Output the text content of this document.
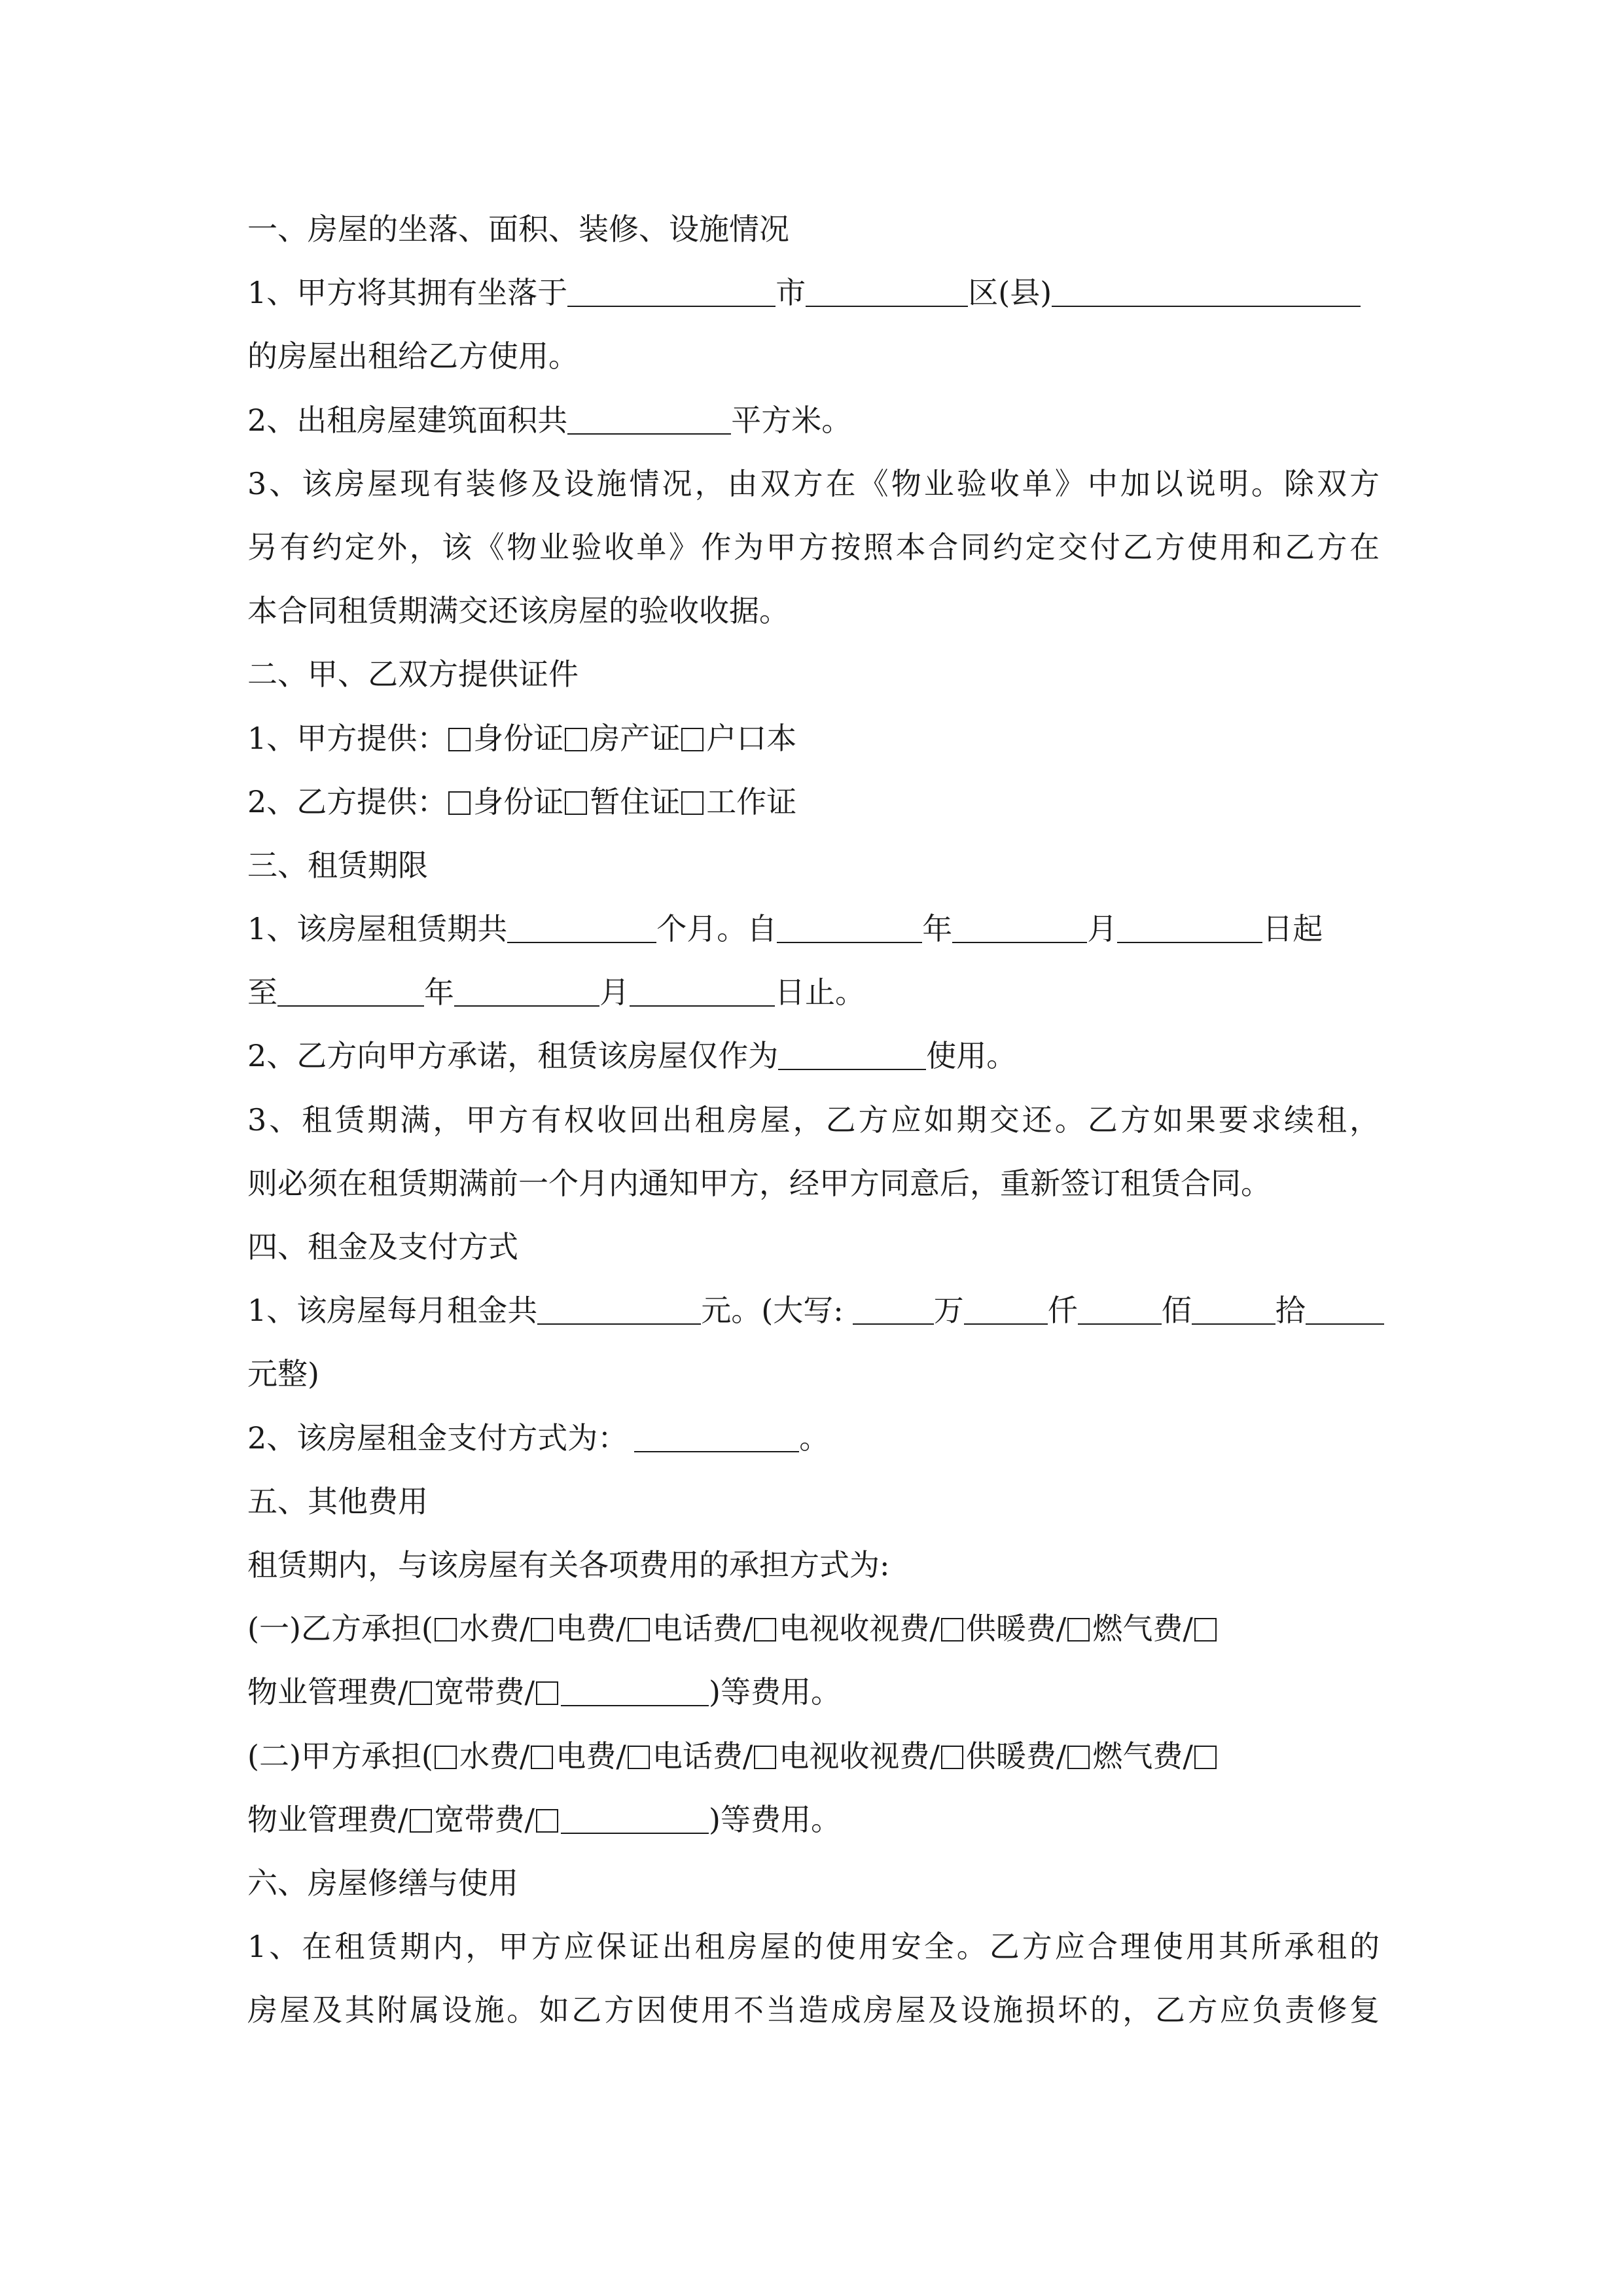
一、房屋的坐落、面积、装修、设施情况
1、甲方将其拥有坐落于	市	区(县)
的房屋出租给乙方使用。
2、出租房屋建筑面积共	平方米。
3、该房屋现有装修及设施情况，由双方在《物业验收单》中加以说明。除双方
另有约定外，该《物业验收单》作为甲方按照本合同约定交付乙方使用和乙方在
本合同租赁期满交还该房屋的验收收据。
二、甲、乙双方提供证件
1、甲方提供： 身份证 房产证 户口本
2、乙方提供： 身份证 暂住证 工作证
三、租赁期限
1、该房屋租赁期共	个月。自	年	月	日起
至	年	月	日止。
2、乙方向甲方承诺，租赁该房屋仅作为	使用。
3、租赁期满，甲方有权收回出租房屋，乙方应如期交还。乙方如果要求续租，
则必须在租赁期满前一个月内通知甲方，经甲方同意后，重新签订租赁合同。
四、租金及支付方式
1、该房屋每月租金共	元。(大写:	万	仟	佰	拾
元整)
2、该房屋租金支付方式为：	。
五、其他费用
租赁期内，与该房屋有关各项费用的承担方式为:
(一)乙方承担( 水费/ 电费/ 电话费/ 电视收视费/ 供暖费/ 燃气费/
物业管理费/ 宽带费/	)等费用。
(二)甲方承担( 水费/ 电费/ 电话费/ 电视收视费/ 供暖费/ 燃气费/
物业管理费/ 宽带费/	)等费用。
六、房屋修缮与使用
1、在租赁期内，甲方应保证出租房屋的使用安全。乙方应合理使用其所承租的
房屋及其附属设施。如乙方因使用不当造成房屋及设施损坏的，乙方应负责修复
